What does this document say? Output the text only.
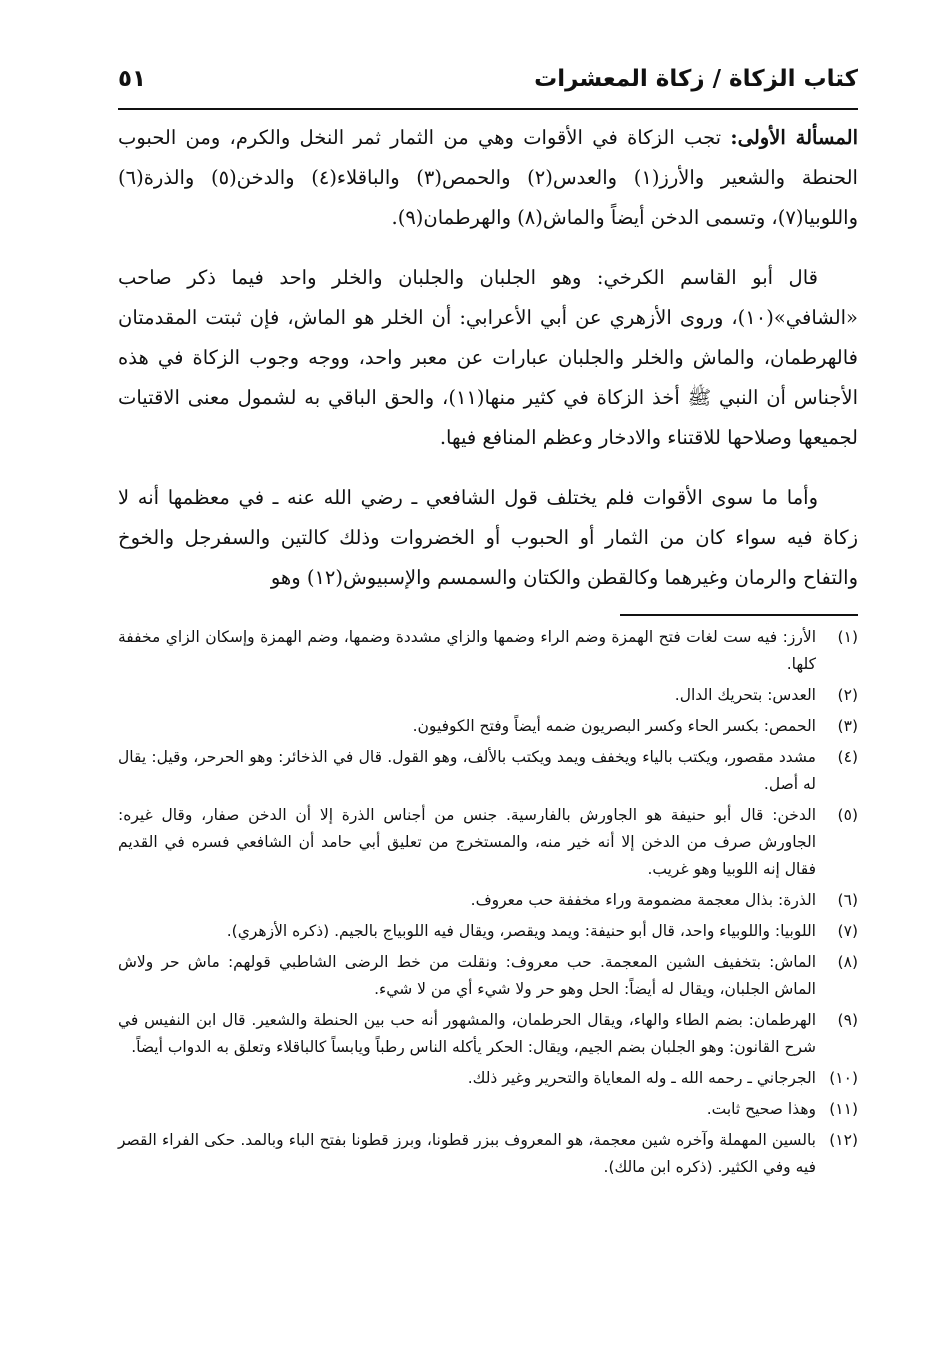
كتاب الزكاة / زكاة المعشرات
٥١

المسألة الأولى: تجب الزكاة في الأقوات وهي من الثمار ثمر النخل والكرم، ومن الحبوب الحنطة والشعير والأرز(١) والعدس(٢) والحمص(٣) والباقلاء(٤) والدخن(٥) والذرة(٦) واللوبيا(٧)، وتسمى الدخن أيضاً والماش(٨) والهرطمان(٩).

قال أبو القاسم الكرخي: وهو الجلبان والجلبان والخلر واحد فيما ذكر صاحب «الشافي»(١٠)، وروى الأزهري عن أبي الأعرابي: أن الخلر هو الماش، فإن ثبتت المقدمتان فالهرطمان، والماش والخلر والجلبان عبارات عن معبر واحد، ووجه وجوب الزكاة في هذه الأجناس أن النبي ﷺ أخذ الزكاة في كثير منها(١١)، والحق الباقي به لشمول معنى الاقتيات لجميعها وصلاحها للاقتناء والادخار وعظم المنافع فيها.

وأما ما سوى الأقوات فلم يختلف قول الشافعي ـ رضي الله عنه ـ في معظمها أنه لا زكاة فيه سواء كان من الثمار أو الحبوب أو الخضروات وذلك كالتين والسفرجل والخوخ والتفاح والرمان وغيرهما وكالقطن والكتان والسمسم والإسبيوش(١٢) وهو

(١)
الأرز: فيه ست لغات فتح الهمزة وضم الراء وضمها والزاي مشددة وضمها، وضم الهمزة وإسكان الزاي مخففة كلها.
(٢)
العدس: بتحريك الدال.
(٣)
الحمص: بكسر الحاء وكسر البصريون ضمه أيضاً وفتح الكوفيون.
(٤)
مشدد مقصور، ويكتب بالياء ويخفف ويمد ويكتب بالألف، وهو القول. قال في الذخائر: وهو الحرحر، وقيل: يقال له أصل.
(٥)
الدخن: قال أبو حنيفة هو الجاورش بالفارسية. جنس من أجناس الذرة إلا أن الدخن صفار، وقال غيره: الجاورش صرف من الدخن إلا أنه خير منه، والمستخرج من تعليق أبي حامد أن الشافعي فسره في القديم فقال إنه اللوبيا وهو غريب.
(٦)
الذرة: بذال معجمة مضمومة وراء مخففة حب معروف.
(٧)
اللوبيا: واللوبياء واحد، قال أبو حنيفة: ويمد ويقصر، ويقال فيه اللوبياج بالجيم. (ذكره الأزهري).
(٨)
الماش: بتخفيف الشين المعجمة. حب معروف: ونقلت من خط الرضى الشاطبي قولهم: ماش حر ولاش الماش الجلبان، ويقال له أيضاً: الحل وهو حر ولا شيء أي من لا شيء.
(٩)
الهرطمان: بضم الطاء والهاء، ويقال الحرطمان، والمشهور أنه حب بين الحنطة والشعير. قال ابن النفيس في شرح القانون: وهو الجلبان بضم الجيم، ويقال: الحكر يأكله الناس رطباً ويابساً كالباقلاء وتعلق به الدواب أيضاً.
(١٠)
الجرجاني ـ رحمه الله ـ وله المعاياة والتحرير وغير ذلك.
(١١)
وهذا صحيح ثابت.
(١٢)
بالسين المهملة وآخره شين معجمة، هو المعروف ببزر قطونا، وبرز قطونا بفتح الباء وبالمد. حكى الفراء القصر فيه وفي الكثير. (ذكره ابن مالك).
